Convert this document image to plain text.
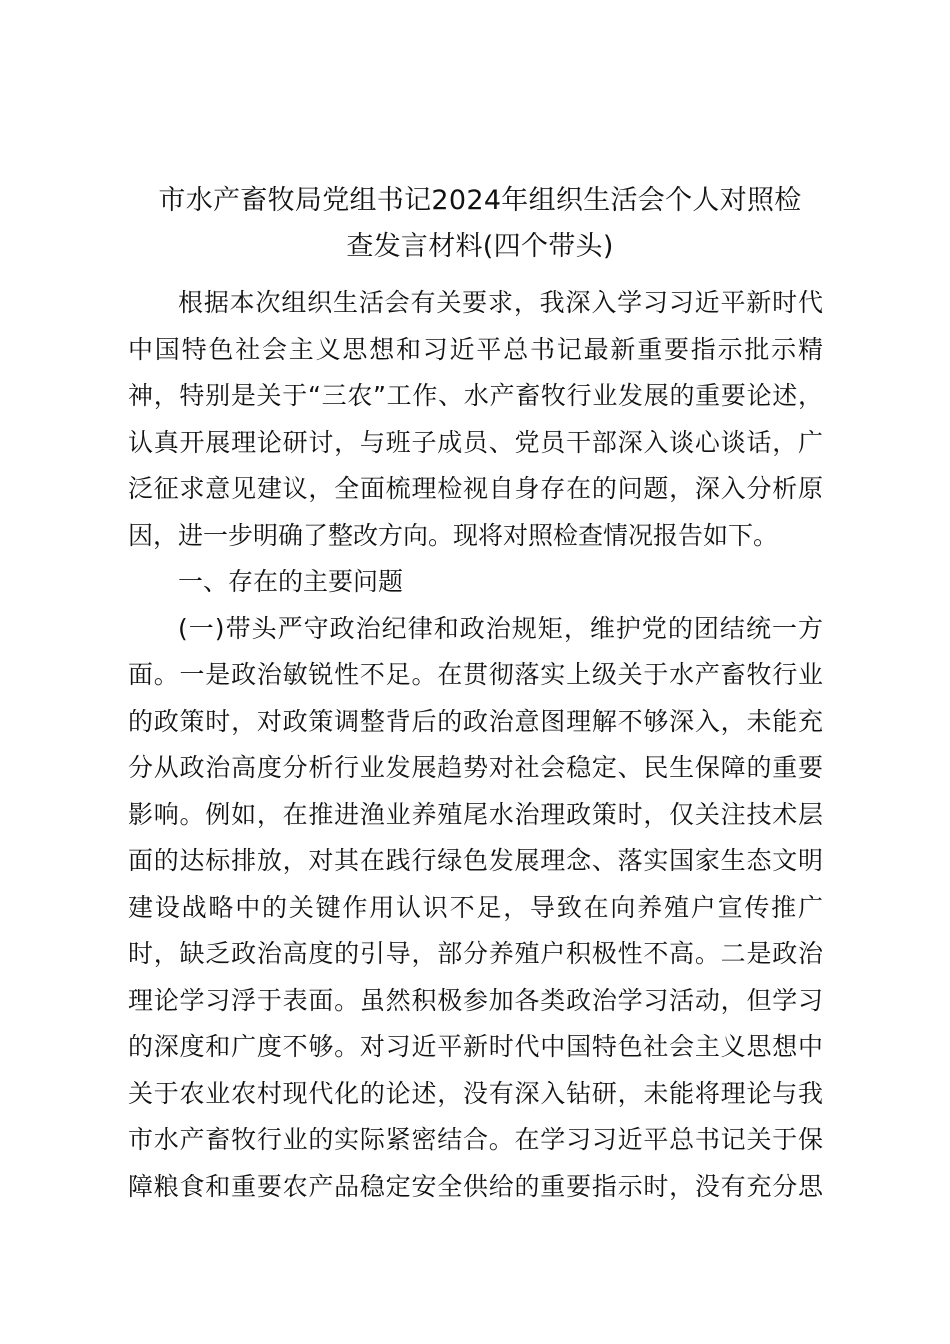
市水产畜牧局党组书记2024年组织生活会个人对照检
查发言材料(四个带头)
根据本次组织生活会有关要求，我深入学习习近平新时代
中国特色社会主义思想和习近平总书记最新重要指示批示精
神，特别是关于“三农”工作、水产畜牧行业发展的重要论述，
认真开展理论研讨，与班子成员、党员干部深入谈心谈话，广
泛征求意见建议，全面梳理检视自身存在的问题，深入分析原
因，进一步明确了整改方向。现将对照检查情况报告如下。
一、存在的主要问题
(一)带头严守政治纪律和政治规矩，维护党的团结统一方
面。一是政治敏锐性不足。在贯彻落实上级关于水产畜牧行业
的政策时，对政策调整背后的政治意图理解不够深入，未能充
分从政治高度分析行业发展趋势对社会稳定、民生保障的重要
影响。例如，在推进渔业养殖尾水治理政策时，仅关注技术层
面的达标排放，对其在践行绿色发展理念、落实国家生态文明
建设战略中的关键作用认识不足，导致在向养殖户宣传推广
时，缺乏政治高度的引导，部分养殖户积极性不高。二是政治
理论学习浮于表面。虽然积极参加各类政治学习活动，但学习
的深度和广度不够。对习近平新时代中国特色社会主义思想中
关于农业农村现代化的论述，没有深入钻研，未能将理论与我
市水产畜牧行业的实际紧密结合。在学习习近平总书记关于保
障粮食和重要农产品稳定安全供给的重要指示时，没有充分思
